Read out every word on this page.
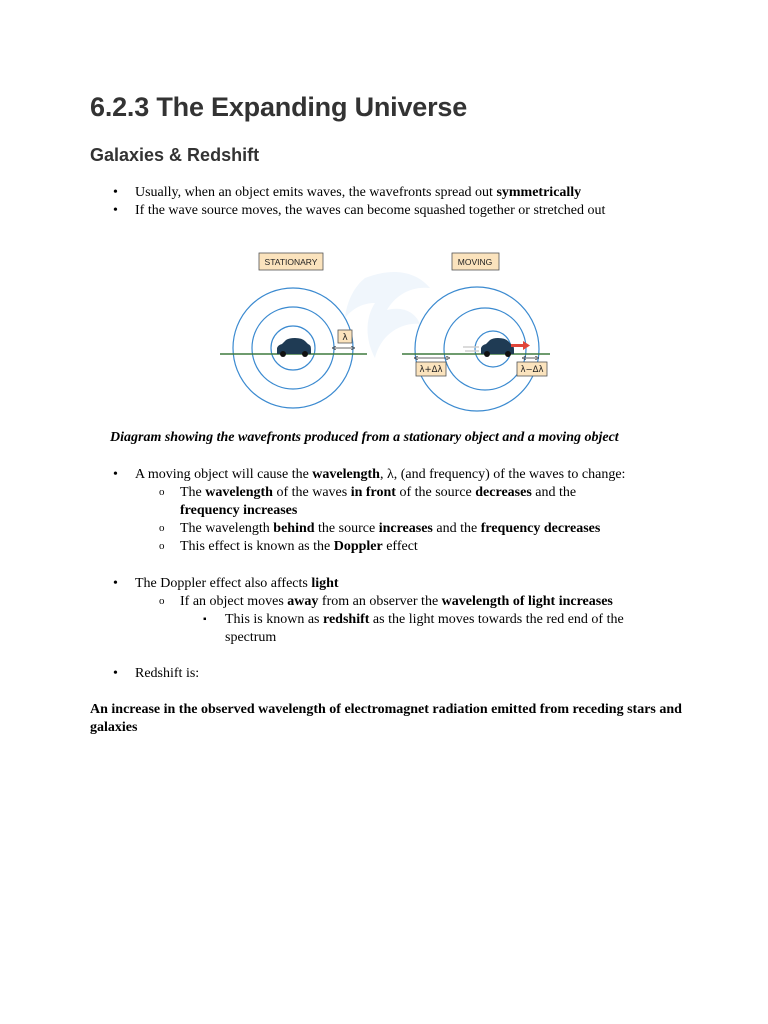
6.2.3 The Expanding Universe
Galaxies & Redshift
• Usually, when an object emits waves, the wavefronts spread out symmetrically
• If the wave source moves, the waves can become squashed together or stretched out
STATIONARY	MOVING
λ
λ+Δλ	λ−Δλ

Diagram showing the wavefronts produced from a stationary object and a moving object

• A moving object will cause the wavelength, λ, (and frequency) of the waves to change:
o The wavelength of the waves in front of the source decreases and the frequency increases
o The wavelength behind the source increases and the frequency decreases
o This effect is known as the Doppler effect
• The Doppler effect also affects light
o If an object moves away from an observer the wavelength of light increases
▪ This is known as redshift as the light moves towards the red end of the spectrum
• Redshift is:

An increase in the observed wavelength of electromagnet radiation emitted from receding stars and galaxies
